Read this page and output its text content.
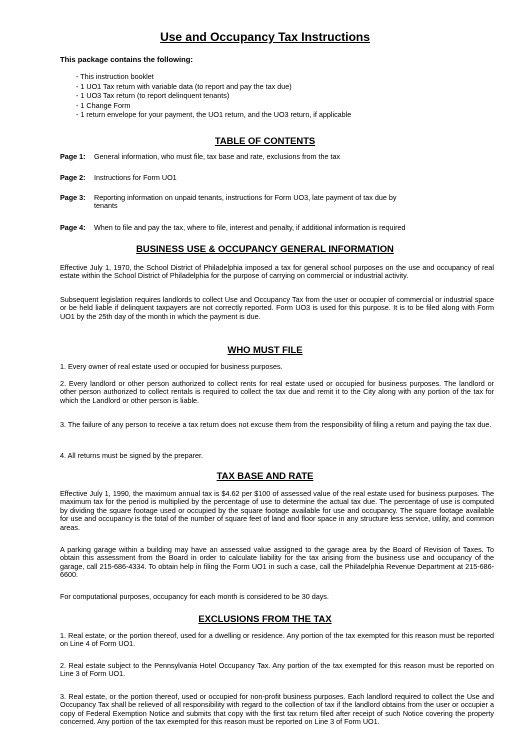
Use and Occupancy Tax Instructions
This package contains the following:
- This instruction booklet
- 1 UO1 Tax return with variable data (to report and pay the tax due)
- 1 UO3 Tax return (to report delinquent tenants)
- 1 Change Form
- 1 return envelope for your payment, the UO1 return, and the UO3 return, if applicable
TABLE OF CONTENTS
Page 1:	General information, who must file, tax base and rate, exclusions from the tax
Page 2:	Instructions for Form UO1
Page 3:	Reporting information on unpaid tenants, instructions for Form UO3, late payment of tax due by tenants
Page 4:	When to file and pay the tax, where to file, interest and penalty, if additional information is required
BUSINESS USE & OCCUPANCY GENERAL INFORMATION

Effective July 1, 1970, the School District of Philadelphia imposed a tax for general school purposes on the use and occupancy of real estate within the School District of Philadelphia for the purpose of carrying on commercial or industrial activity.

Subsequent legislation requires landlords to collect Use and Occupancy Tax from the user or occupier of commercial or industrial space or be held liable if delinquent taxpayers are not correctly reported. Form UO3 is used for this purpose. It is to be filed along with Form UO1 by the 25th day of the month in which the payment is due.

WHO MUST FILE

1. Every owner of real estate used or occupied for business purposes.

2. Every landlord or other person authorized to collect rents for real estate used or occupied for business purposes. The landlord or other person authorized to collect rentals is required to collect the tax due and remit it to the City along with any portion of the tax for which the Landlord or other person is liable.

3. The failure of any person to receive a tax return does not excuse them from the responsibility of filing a return and paying the tax due.

4. All returns must be signed by the preparer.

TAX BASE AND RATE

Effective July 1, 1990, the maximum annual tax is $4.62 per $100 of assessed value of the real estate used for business purposes. The maximum tax for the period is multiplied by the percentage of use to determine the actual tax due. The percentage of use is computed by dividing the square footage used or occupied by the square footage available for use and occupancy. The square footage available for use and occupancy is the total of the number of square feet of land and floor space in any structure less service, utility, and common areas.

A parking garage within a building may have an assessed value assigned to the garage area by the Board of Revision of Taxes. To obtain this assessment from the Board in order to calculate liability for the tax arising from the business use and occupancy of the garage, call 215-686-4334. To obtain help in filing the Form UO1 in such a case, call the Philadelphia Revenue Department at 215-686-6600.

For computational purposes, occupancy for each month is considered to be 30 days.

EXCLUSIONS FROM THE TAX

1. Real estate, or the portion thereof, used for a dwelling or residence. Any portion of the tax exempted for this reason must be reported on Line 4 of Form UO1.

2. Real estate subject to the Pennsylvania Hotel Occupancy Tax. Any portion of the tax exempted for this reason must be reported on Line 3 of Form UO1.

3. Real estate, or the portion thereof, used or occupied for non-profit business purposes. Each landlord required to collect the Use and Occupancy Tax shall be relieved of all responsibility with regard to the collection of tax if the landlord obtains from the user or occupier a copy of Federal Exemption Notice and submits that copy with the first tax return filed after receipt of such Notice covering the property concerned. Any portion of the tax exempted for this reason must be reported on Line 3 of Form UO1.
